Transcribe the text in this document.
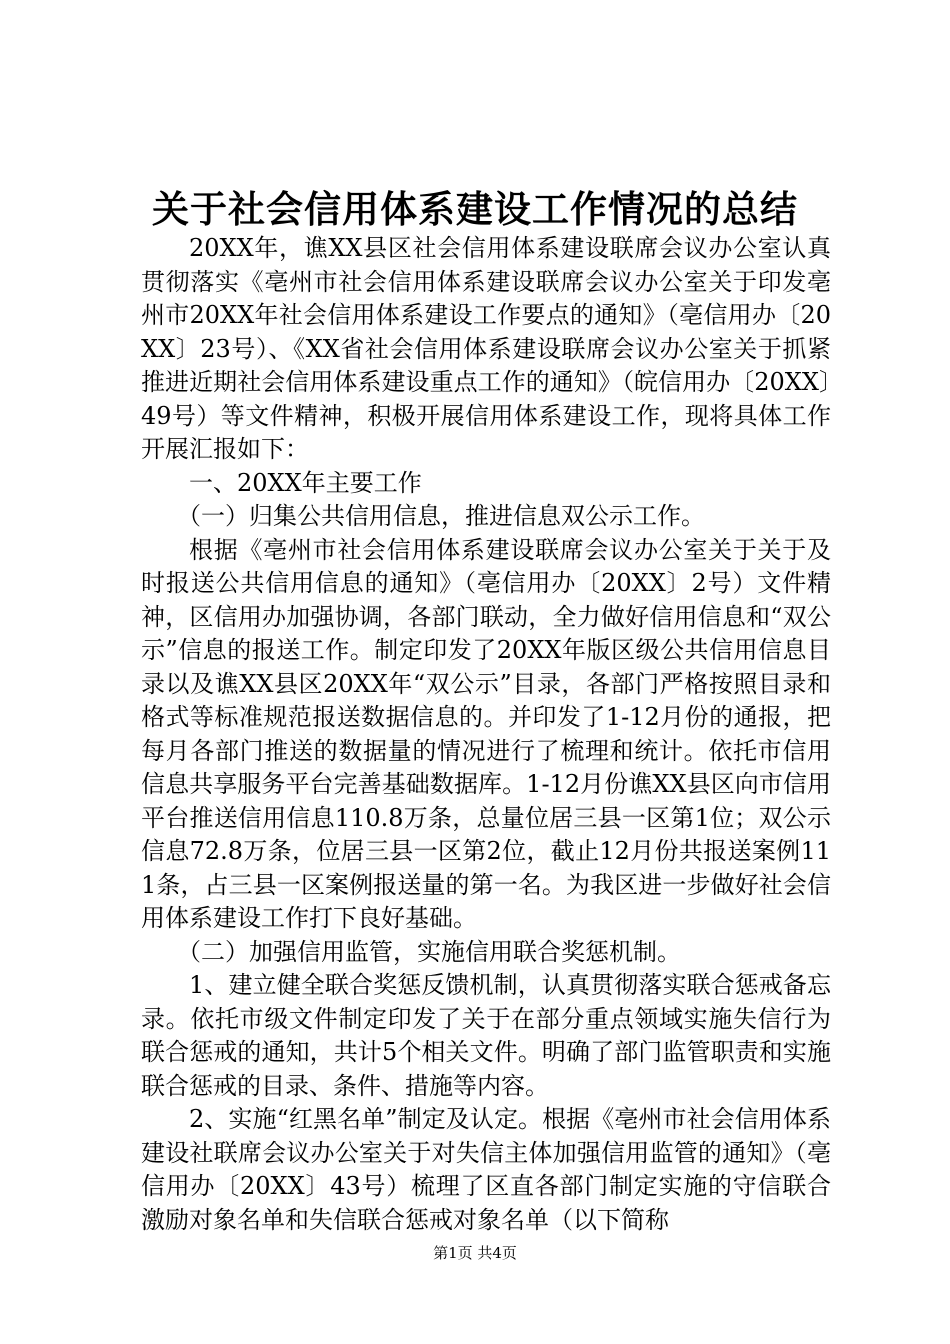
关于社会信用体系建设工作情况的总结

20XX年，谯XX县区社会信用体系建设联席会议办公室认真贯彻落实《亳州市社会信用体系建设联席会议办公室关于印发亳州市20XX年社会信用体系建设工作要点的通知》（亳信用办〔20XX〕23号）、《XX省社会信用体系建设联席会议办公室关于抓紧推进近期社会信用体系建设重点工作的通知》（皖信用办〔20XX〕49号）等文件精神，积极开展信用体系建设工作，现将具体工作开展汇报如下：

一、20XX年主要工作

（一）归集公共信用信息，推进信息双公示工作。

根据《亳州市社会信用体系建设联席会议办公室关于关于及时报送公共信用信息的通知》（亳信用办〔20XX〕2号）文件精神，区信用办加强协调，各部门联动，全力做好信用信息和“双公示”信息的报送工作。制定印发了20XX年版区级公共信用信息目录以及谯XX县区20XX年“双公示”目录，各部门严格按照目录和格式等标准规范报送数据信息的。并印发了1-12月份的通报，把每月各部门推送的数据量的情况进行了梳理和统计。依托市信用信息共享服务平台完善基础数据库。1-12月份谯XX县区向市信用平台推送信用信息110.8万条，总量位居三县一区第1位；双公示信息72.8万条，位居三县一区第2位，截止12月份共报送案例111条，占三县一区案例报送量的第一名。为我区进一步做好社会信用体系建设工作打下良好基础。

（二）加强信用监管，实施信用联合奖惩机制。

1、建立健全联合奖惩反馈机制，认真贯彻落实联合惩戒备忘录。依托市级文件制定印发了关于在部分重点领域实施失信行为联合惩戒的通知，共计5个相关文件。明确了部门监管职责和实施联合惩戒的目录、条件、措施等内容。

2、实施“红黑名单”制定及认定。根据《亳州市社会信用体系建设社联席会议办公室关于对失信主体加强信用监管的通知》（亳信用办〔20XX〕43号）梳理了区直各部门制定实施的守信联合激励对象名单和失信联合惩戒对象名单（以下简称

第1页 共4页
